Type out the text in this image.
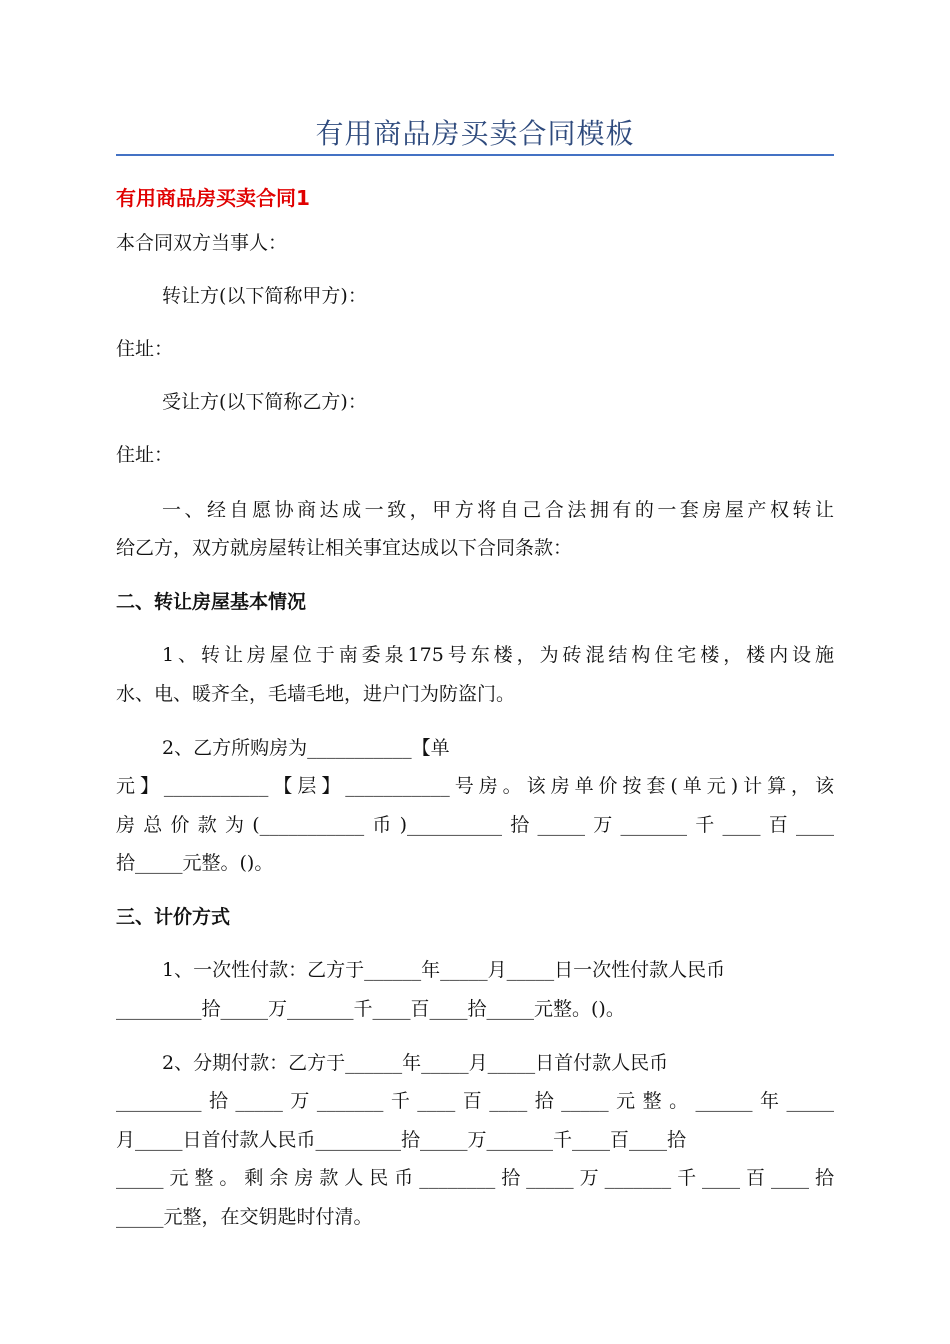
有用商品房买卖合同模板
有用商品房买卖合同1
本合同双方当事人：
转让方(以下简称甲方)：
住址：
受让方(以下简称乙方)：
住址：
一、经自愿协商达成一致，甲方将自己合法拥有的一套房屋产权转让
给乙方，双方就房屋转让相关事宜达成以下合同条款：
二、转让房屋基本情况
1、转让房屋位于南委泉175号东楼，为砖混结构住宅楼，楼内设施
水、电、暖齐全，毛墙毛地，进户门为防盗门。
2、乙方所购房为___________【单
元】___________【层】___________号房。该房单价按套(单元)计算，该
房总价款为(___________币)__________拾_____万_______千____百____
拾_____元整。()。
三、计价方式
1、一次性付款：乙方于______年_____月_____日一次性付款人民币
_________拾_____万_______千____百____拾_____元整。()。
2、分期付款：乙方于______年_____月_____日首付款人民币
_________拾_____万_______千____百____拾_____元整。______年_____
月_____日首付款人民币_________拾_____万_______千____百____拾
_____元整。剩余房款人民币________拾_____万_______千____百____拾
_____元整，在交钥匙时付清。
